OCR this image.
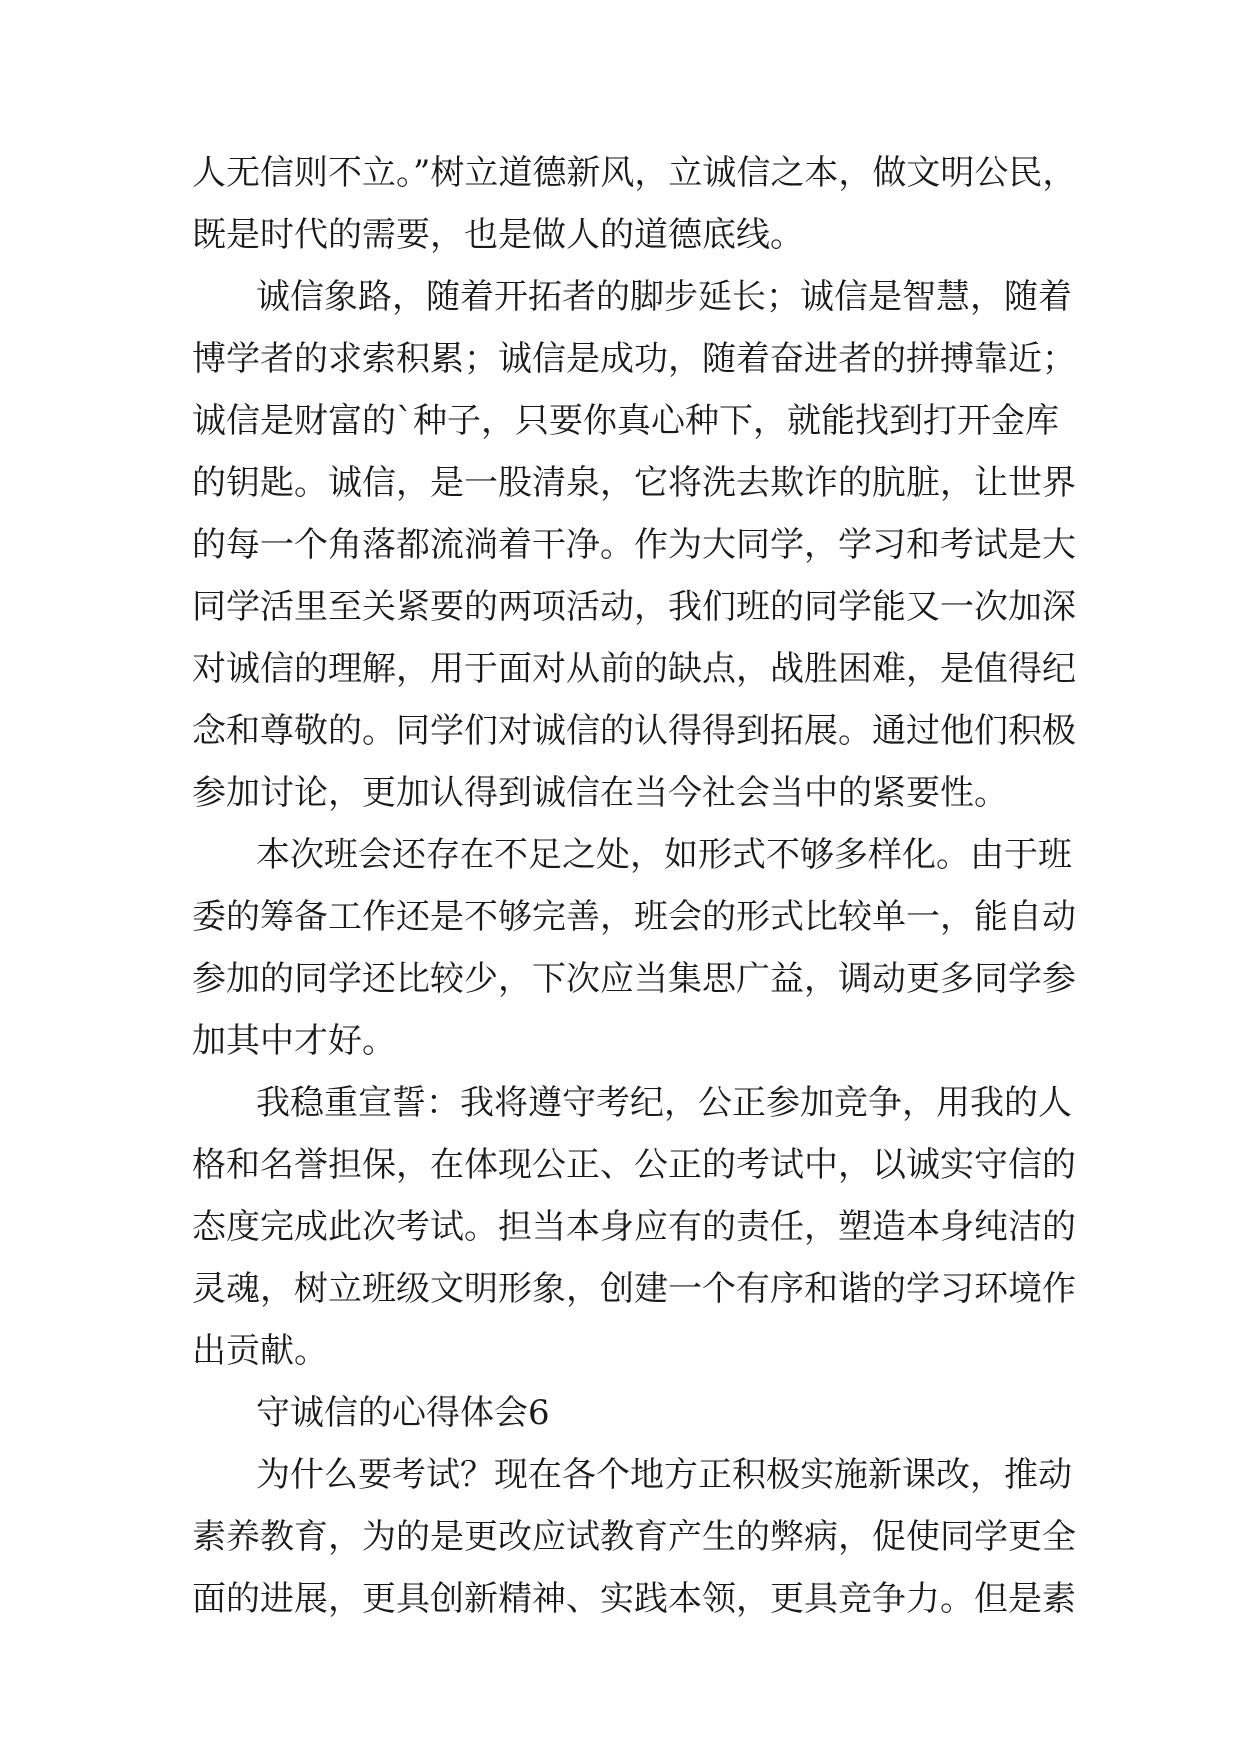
人无信则不立。”树立道德新风，立诚信之本，做文明公民，
既是时代的需要，也是做人的道德底线。
诚信象路，随着开拓者的脚步延长；诚信是智慧，随着
博学者的求索积累；诚信是成功，随着奋进者的拼搏靠近；
诚信是财富的`种子，只要你真心种下，就能找到打开金库
的钥匙。诚信，是一股清泉，它将洗去欺诈的肮脏，让世界
的每一个角落都流淌着干净。作为大同学，学习和考试是大
同学活里至关紧要的两项活动，我们班的同学能又一次加深
对诚信的理解，用于面对从前的缺点，战胜困难，是值得纪
念和尊敬的。同学们对诚信的认得得到拓展。通过他们积极
参加讨论，更加认得到诚信在当今社会当中的紧要性。
本次班会还存在不足之处，如形式不够多样化。由于班
委的筹备工作还是不够完善，班会的形式比较单一，能自动
参加的同学还比较少，下次应当集思广益，调动更多同学参
加其中才好。
我稳重宣誓：我将遵守考纪，公正参加竞争，用我的人
格和名誉担保，在体现公正、公正的考试中，以诚实守信的
态度完成此次考试。担当本身应有的责任，塑造本身纯洁的
灵魂，树立班级文明形象，创建一个有序和谐的学习环境作
出贡献。
守诚信的心得体会6
为什么要考试？现在各个地方正积极实施新课改，推动
素养教育，为的是更改应试教育产生的弊病，促使同学更全
面的进展，更具创新精神、实践本领，更具竞争力。但是素
